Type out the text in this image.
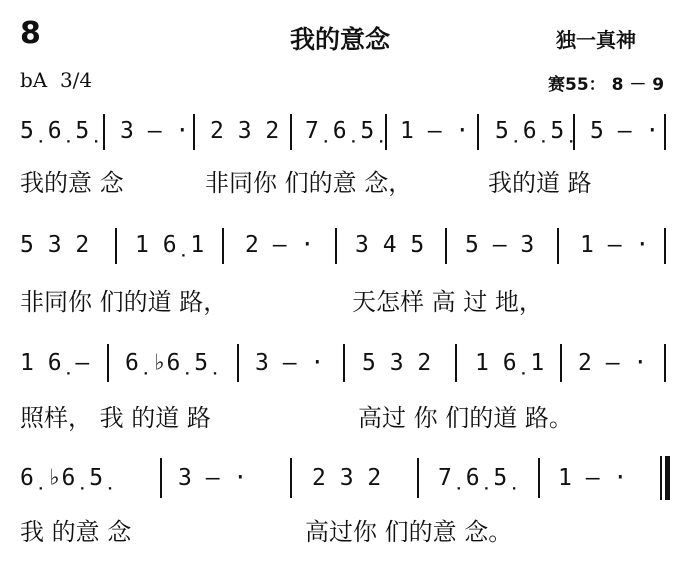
8	我的意念	独一真神
bA  3/4	赛55： 8 － 9
5̣ 6̣ 5̣ 3 — · 2 3 2 7̣ 6̣ 5̣ 1 — · 5̣ 6̣ 5̣ 5 — ·
我的意 念	非同你 们的意 念，	我的道 路
5 3 2 1 6̣ 1 2 — · 3 4 5 5 — 3 1 — ·
非同你 们的道 路，	天怎样 高 过 地，
1 6̣ — 6̣ ♭6̣ 5̣ 3 — · 5 3 2 1 6̣ 1 2 — ·
照样， 我 的道 路	高过 你 们的道 路。
6̣ ♭6̣ 5̣	3 — ·	2 3 2 7̣ 6̣ 5̣ 1 — ·
我 的意 念	高过你 们的意 念。
